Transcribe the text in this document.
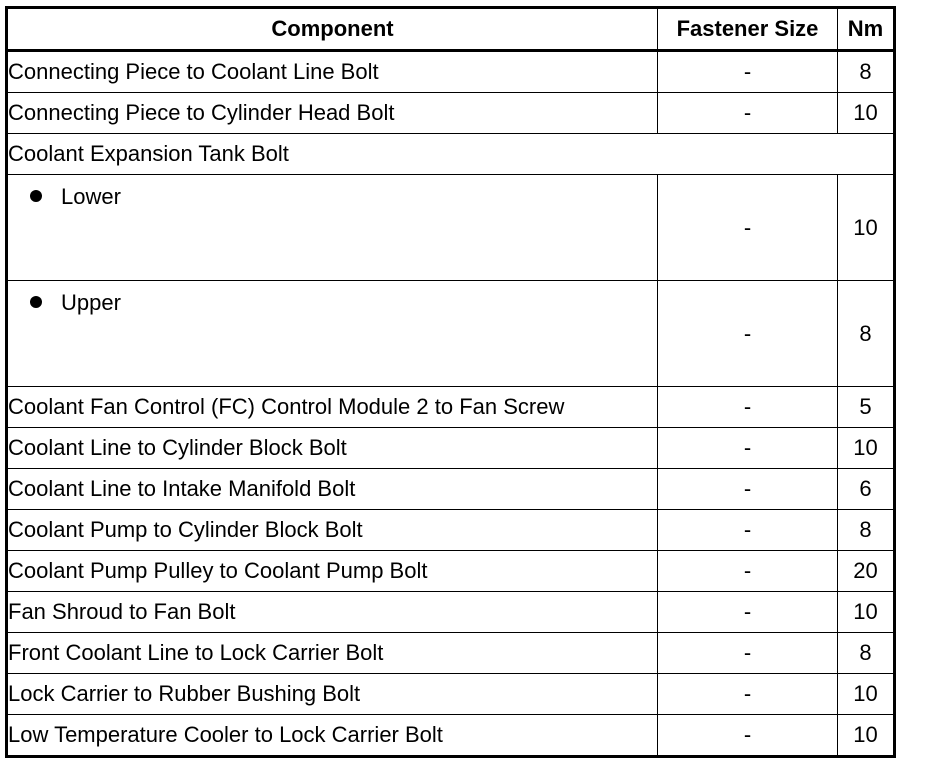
Component	Fastener Size	Nm
Connecting Piece to Coolant Line Bolt	-	8
Connecting Piece to Cylinder Head Bolt	-	10
Coolant Expansion Tank Bolt		
Lower	-	10
Upper	-	8
Coolant Fan Control (FC) Control Module 2 to Fan Screw	-	5
Coolant Line to Cylinder Block Bolt	-	10
Coolant Line to Intake Manifold Bolt	-	6
Coolant Pump to Cylinder Block Bolt	-	8
Coolant Pump Pulley to Coolant Pump Bolt	-	20
Fan Shroud to Fan Bolt	-	10
Front Coolant Line to Lock Carrier Bolt	-	8
Lock Carrier to Rubber Bushing Bolt	-	10
Low Temperature Cooler to Lock Carrier Bolt	-	10
